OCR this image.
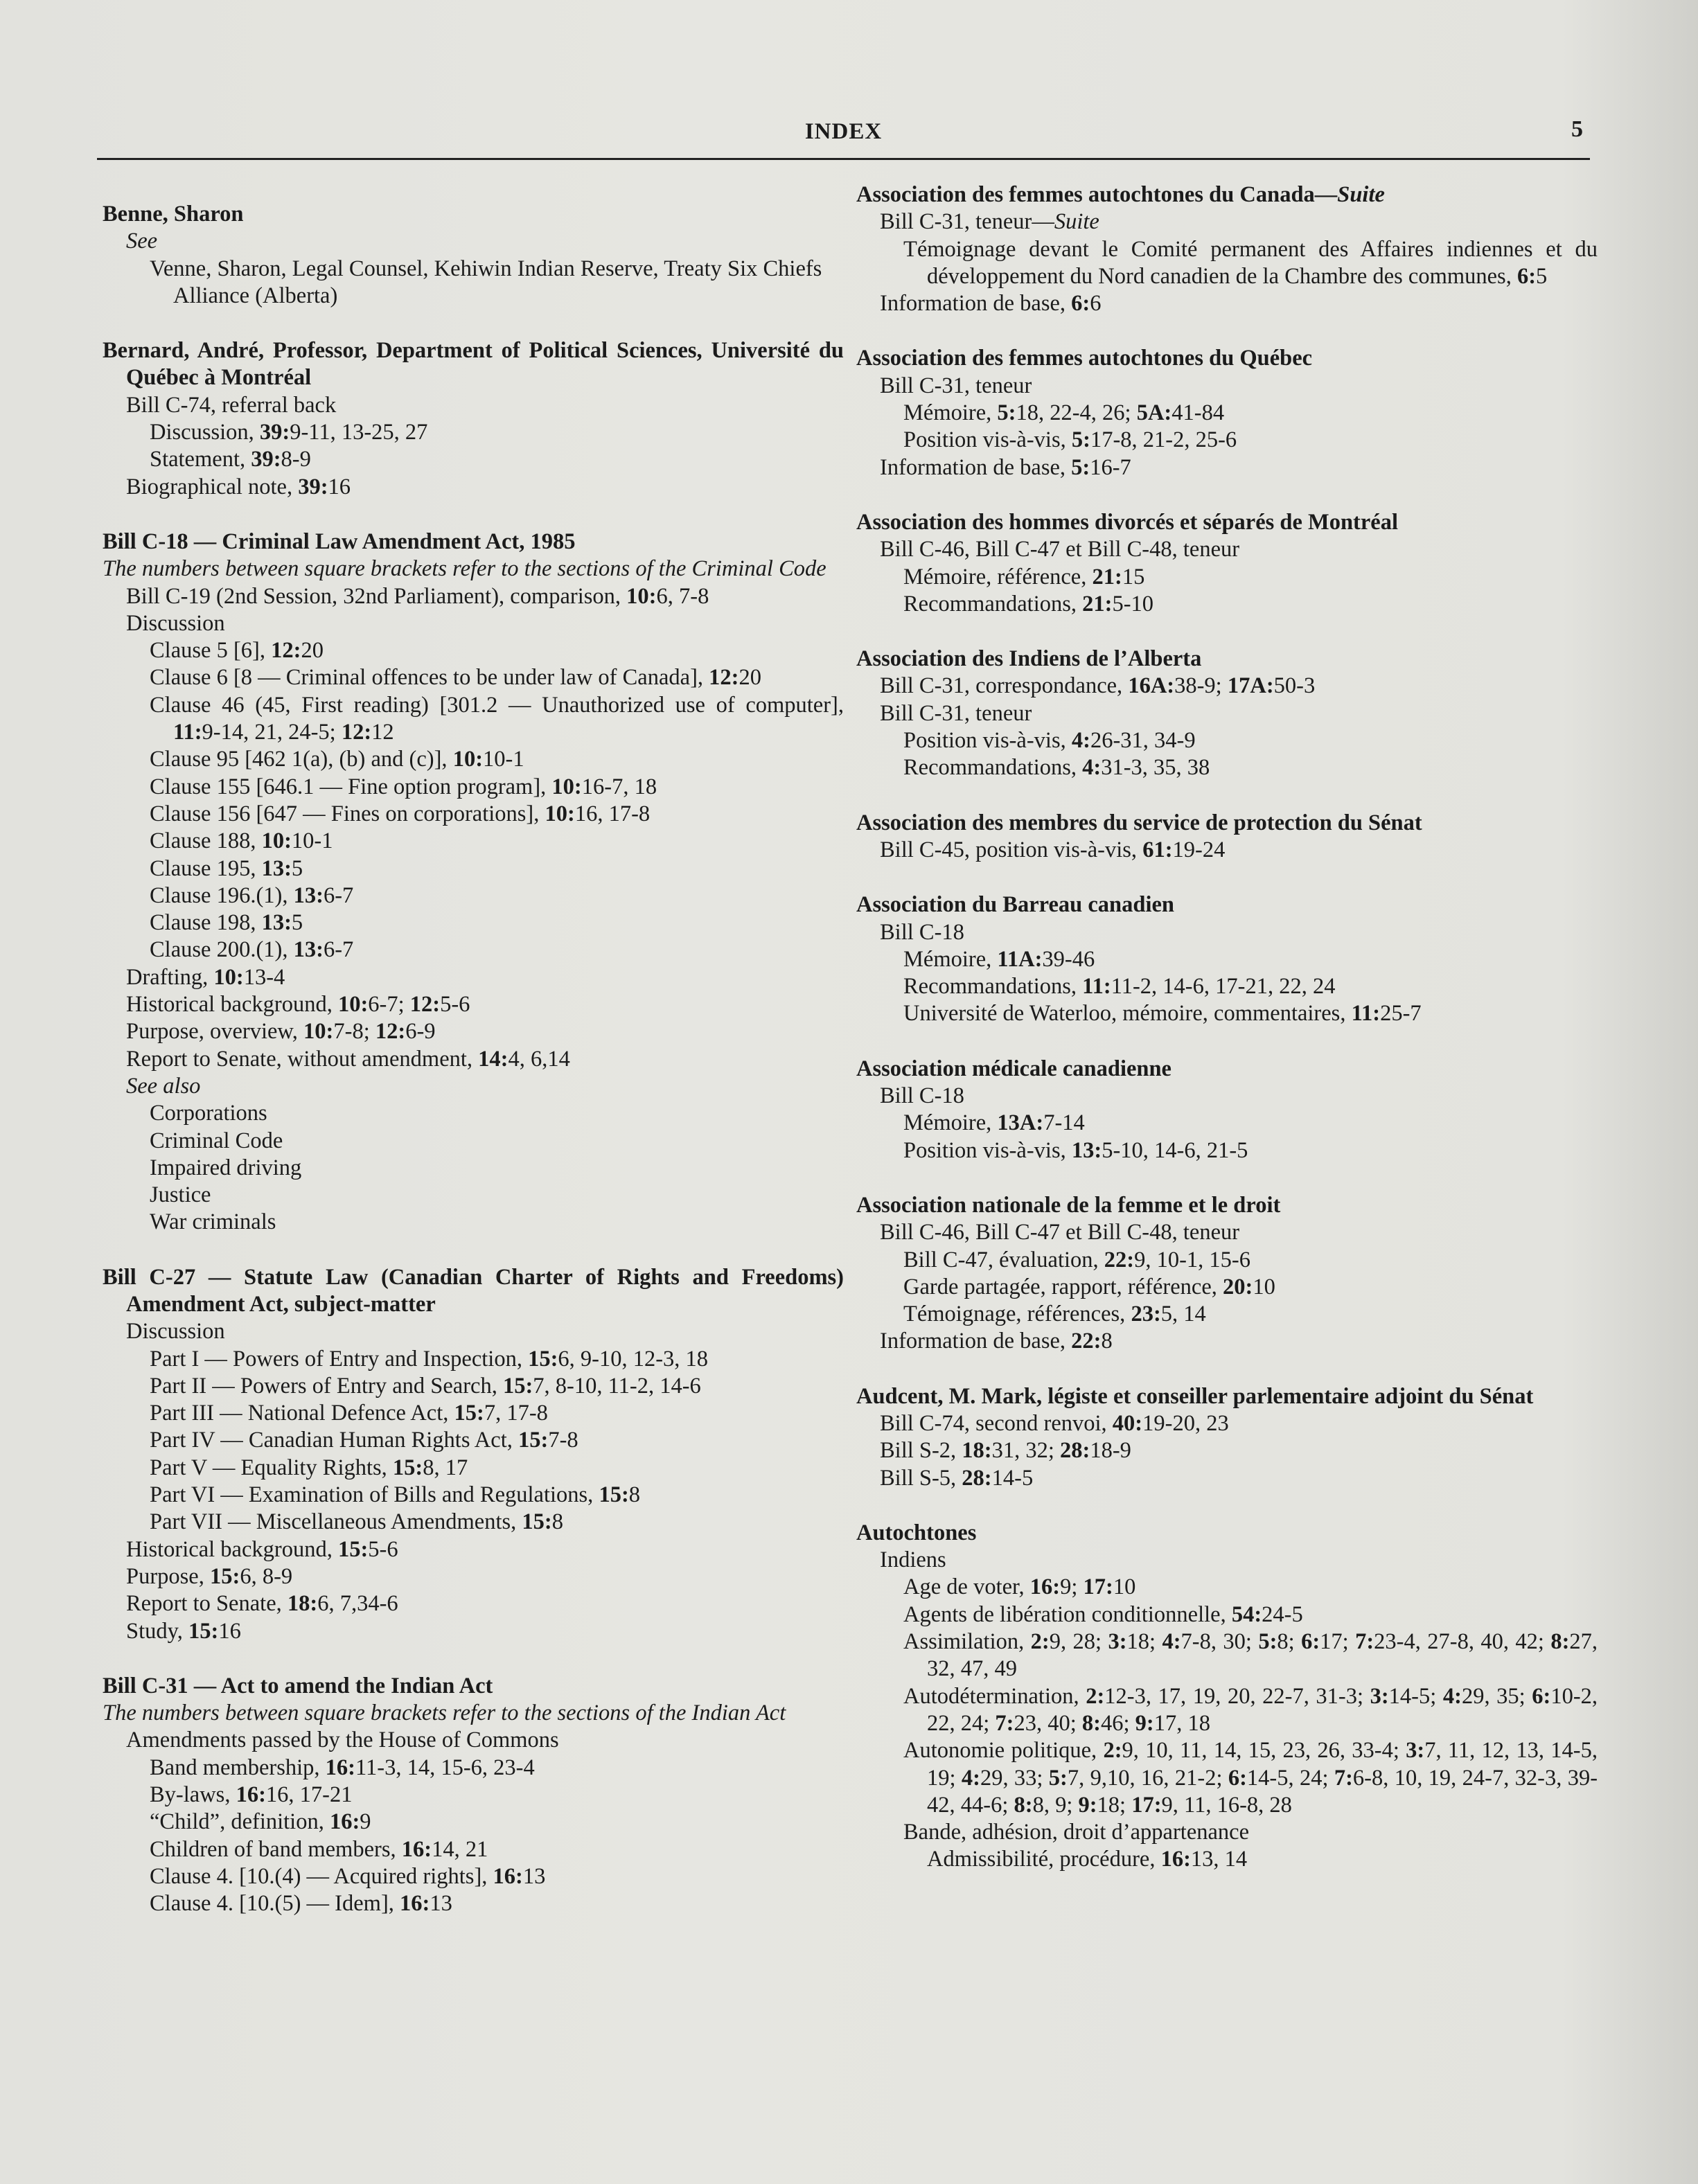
INDEX	5
Benne, Sharon
See
Venne, Sharon, Legal Counsel, Kehiwin Indian Reserve, Treaty Six Chiefs Alliance (Alberta)
Bernard, André, Professor, Department of Political Sciences, Université du Québec à Montréal
Bill C-74, referral back
Discussion, 39:9-11, 13-25, 27
Statement, 39:8-9
Biographical note, 39:16
Bill C-18 — Criminal Law Amendment Act, 1985
The numbers between square brackets refer to the sections of the Criminal Code
Bill C-19 (2nd Session, 32nd Parliament), comparison, 10:6, 7-8
Discussion
Clause 5 [6], 12:20
Clause 6 [8 — Criminal offences to be under law of Canada], 12:20
Clause 46 (45, First reading) [301.2 — Unauthorized use of computer], 11:9-14, 21, 24-5; 12:12
Clause 95 [462 1(a), (b) and (c)], 10:10-1
Clause 155 [646.1 — Fine option program], 10:16-7, 18
Clause 156 [647 — Fines on corporations], 10:16, 17-8
Clause 188, 10:10-1
Clause 195, 13:5
Clause 196.(1), 13:6-7
Clause 198, 13:5
Clause 200.(1), 13:6-7
Drafting, 10:13-4
Historical background, 10:6-7; 12:5-6
Purpose, overview, 10:7-8; 12:6-9
Report to Senate, without amendment, 14:4, 6,14
See also
Corporations
Criminal Code
Impaired driving
Justice
War criminals
Bill C-27 — Statute Law (Canadian Charter of Rights and Freedoms) Amendment Act, subject-matter
Discussion
Part I — Powers of Entry and Inspection, 15:6, 9-10, 12-3, 18
Part II — Powers of Entry and Search, 15:7, 8-10, 11-2, 14-6
Part III — National Defence Act, 15:7, 17-8
Part IV — Canadian Human Rights Act, 15:7-8
Part V — Equality Rights, 15:8, 17
Part VI — Examination of Bills and Regulations, 15:8
Part VII — Miscellaneous Amendments, 15:8
Historical background, 15:5-6
Purpose, 15:6, 8-9
Report to Senate, 18:6, 7,34-6
Study, 15:16
Bill C-31 — Act to amend the Indian Act
The numbers between square brackets refer to the sections of the Indian Act
Amendments passed by the House of Commons
Band membership, 16:11-3, 14, 15-6, 23-4
By-laws, 16:16, 17-21
“Child”, definition, 16:9
Children of band members, 16:14, 21
Clause 4. [10.(4) — Acquired rights], 16:13
Clause 4. [10.(5) — Idem], 16:13
Association des femmes autochtones du Canada—Suite
Bill C-31, teneur—Suite
Témoignage devant le Comité permanent des Affaires indiennes et du développement du Nord canadien de la Chambre des communes, 6:5
Information de base, 6:6
Association des femmes autochtones du Québec
Bill C-31, teneur
Mémoire, 5:18, 22-4, 26; 5A:41-84
Position vis-à-vis, 5:17-8, 21-2, 25-6
Information de base, 5:16-7
Association des hommes divorcés et séparés de Montréal
Bill C-46, Bill C-47 et Bill C-48, teneur
Mémoire, référence, 21:15
Recommandations, 21:5-10
Association des Indiens de l’Alberta
Bill C-31, correspondance, 16A:38-9; 17A:50-3
Bill C-31, teneur
Position vis-à-vis, 4:26-31, 34-9
Recommandations, 4:31-3, 35, 38
Association des membres du service de protection du Sénat
Bill C-45, position vis-à-vis, 61:19-24
Association du Barreau canadien
Bill C-18
Mémoire, 11A:39-46
Recommandations, 11:11-2, 14-6, 17-21, 22, 24
Université de Waterloo, mémoire, commentaires, 11:25-7
Association médicale canadienne
Bill C-18
Mémoire, 13A:7-14
Position vis-à-vis, 13:5-10, 14-6, 21-5
Association nationale de la femme et le droit
Bill C-46, Bill C-47 et Bill C-48, teneur
Bill C-47, évaluation, 22:9, 10-1, 15-6
Garde partagée, rapport, référence, 20:10
Témoignage, références, 23:5, 14
Information de base, 22:8
Audcent, M. Mark, légiste et conseiller parlementaire adjoint du Sénat
Bill C-74, second renvoi, 40:19-20, 23
Bill S-2, 18:31, 32; 28:18-9
Bill S-5, 28:14-5
Autochtones
Indiens
Age de voter, 16:9; 17:10
Agents de libération conditionnelle, 54:24-5
Assimilation, 2:9, 28; 3:18; 4:7-8, 30; 5:8; 6:17; 7:23-4, 27-8, 40, 42; 8:27, 32, 47, 49
Autodétermination, 2:12-3, 17, 19, 20, 22-7, 31-3; 3:14-5; 4:29, 35; 6:10-2, 22, 24; 7:23, 40; 8:46; 9:17, 18
Autonomie politique, 2:9, 10, 11, 14, 15, 23, 26, 33-4; 3:7, 11, 12, 13, 14-5, 19; 4:29, 33; 5:7, 9,10, 16, 21-2; 6:14-5, 24; 7:6-8, 10, 19, 24-7, 32-3, 39-42, 44-6; 8:8, 9; 9:18; 17:9, 11, 16-8, 28
Bande, adhésion, droit d’appartenance
Admissibilité, procédure, 16:13, 14
